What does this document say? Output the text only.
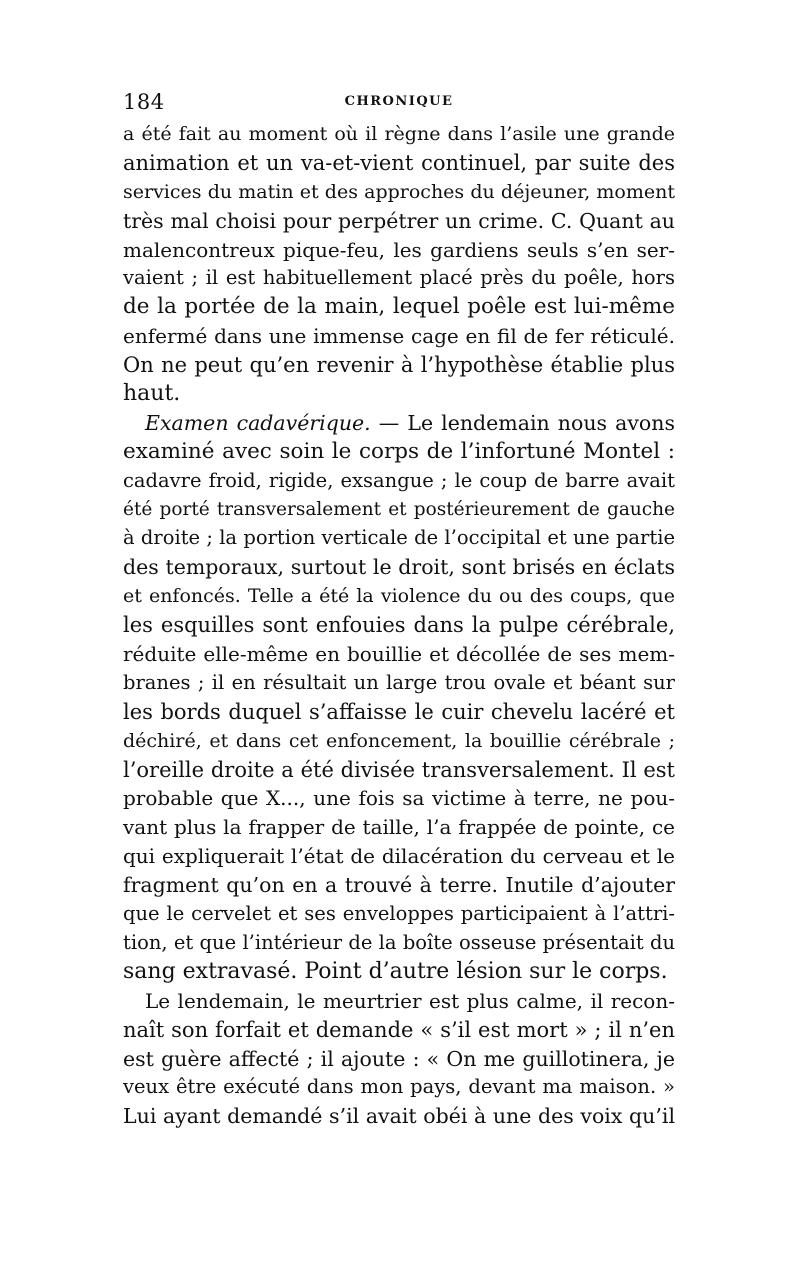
184	CHRONIQUE
a été fait au moment où il règne dans l’asile une grande
animation et un va-et-vient continuel, par suite des
services du matin et des approches du déjeuner, moment
très mal choisi pour perpétrer un crime. C. Quant au
malencontreux pique-feu, les gardiens seuls s’en ser-
vaient ; il est habituellement placé près du poêle, hors
de la portée de la main, lequel poêle est lui-même
enfermé dans une immense cage en fil de fer réticulé.
On ne peut qu’en revenir à l’hypothèse établie plus
haut.
Examen cadavérique. — Le lendemain nous avons
examiné avec soin le corps de l’infortuné Montel :
cadavre froid, rigide, exsangue ; le coup de barre avait
été porté transversalement et postérieurement de gauche
à droite ; la portion verticale de l’occipital et une partie
des temporaux, surtout le droit, sont brisés en éclats
et enfoncés. Telle a été la violence du ou des coups, que
les esquilles sont enfouies dans la pulpe cérébrale,
réduite elle-même en bouillie et décollée de ses mem-
branes ; il en résultait un large trou ovale et béant sur
les bords duquel s’affaisse le cuir chevelu lacéré et
déchiré, et dans cet enfoncement, la bouillie cérébrale ;
l’oreille droite a été divisée transversalement. Il est
probable que X..., une fois sa victime à terre, ne pou-
vant plus la frapper de taille, l’a frappée de pointe, ce
qui expliquerait l’état de dilacération du cerveau et le
fragment qu’on en a trouvé à terre. Inutile d’ajouter
que le cervelet et ses enveloppes participaient à l’attri-
tion, et que l’intérieur de la boîte osseuse présentait du
sang extravasé. Point d’autre lésion sur le corps.
Le lendemain, le meurtrier est plus calme, il recon-
naît son forfait et demande « s’il est mort » ; il n’en
est guère affecté ; il ajoute : « On me guillotinera, je
veux être exécuté dans mon pays, devant ma maison. »
Lui ayant demandé s’il avait obéi à une des voix qu’il
